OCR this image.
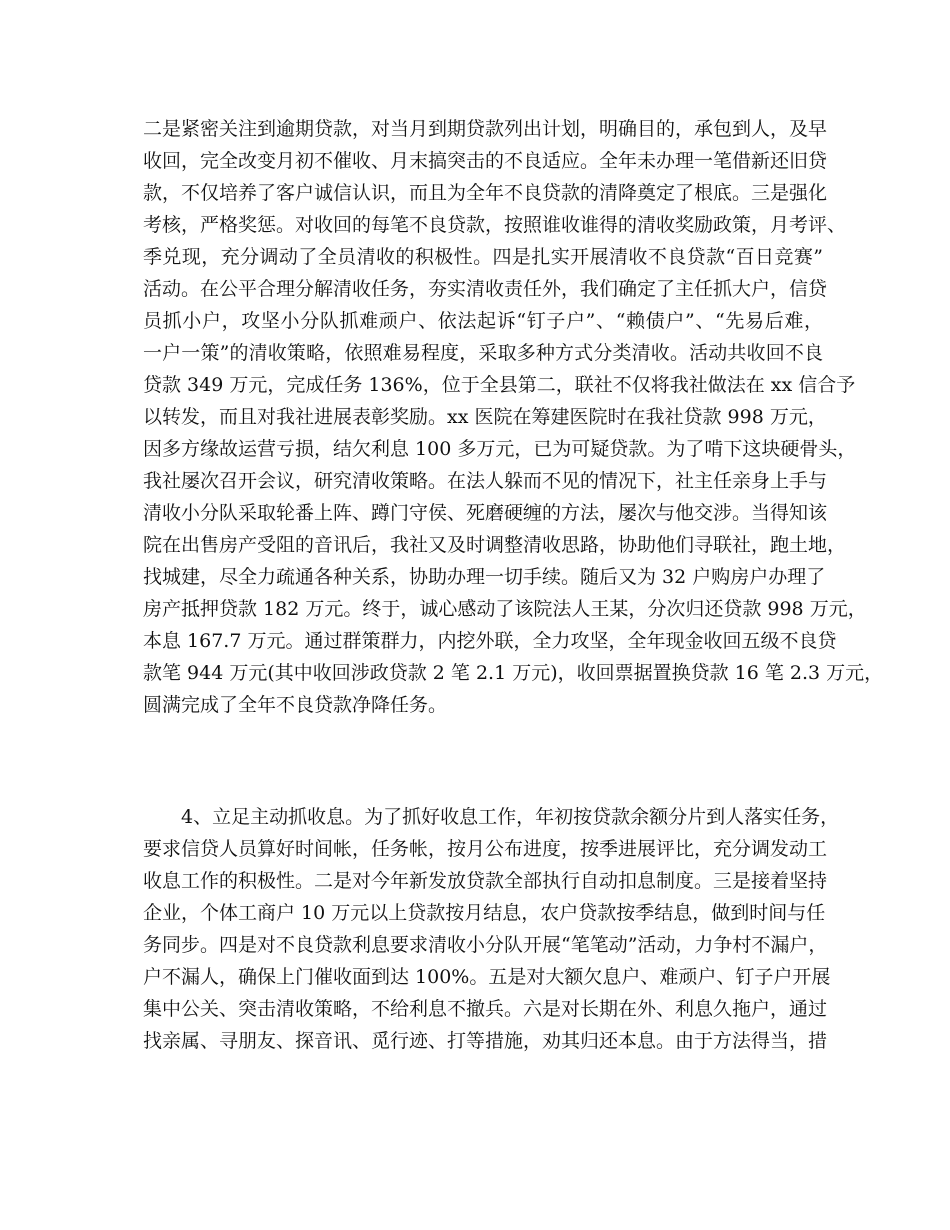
二是紧密关注到逾期贷款，对当月到期贷款列出计划，明确目的，承包到人，及早
收回，完全改变月初不催收、月末搞突击的不良适应。全年未办理一笔借新还旧贷
款，不仅培养了客户诚信认识，而且为全年不良贷款的清降奠定了根底。三是强化
考核，严格奖惩。对收回的每笔不良贷款，按照谁收谁得的清收奖励政策，月考评、
季兑现，充分调动了全员清收的积极性。四是扎实开展清收不良贷款“百日竞赛”
活动。在公平合理分解清收任务，夯实清收责任外，我们确定了主任抓大户，信贷
员抓小户，攻坚小分队抓难顽户、依法起诉“钉子户”、“赖债户”、“先易后难，
一户一策”的清收策略，依照难易程度，采取多种方式分类清收。活动共收回不良
贷款 349 万元，完成任务 136%，位于全县第二，联社不仅将我社做法在 xx 信合予
以转发，而且对我社进展表彰奖励。xx 医院在筹建医院时在我社贷款 998 万元，
因多方缘故运营亏损，结欠利息 100 多万元，已为可疑贷款。为了啃下这块硬骨头，
我社屡次召开会议，研究清收策略。在法人躲而不见的情况下，社主任亲身上手与
清收小分队采取轮番上阵、蹲门守侯、死磨硬缠的方法，屡次与他交涉。当得知该
院在出售房产受阻的音讯后，我社又及时调整清收思路，协助他们寻联社，跑土地，
找城建，尽全力疏通各种关系，协助办理一切手续。随后又为 32 户购房户办理了
房产抵押贷款 182 万元。终于，诚心感动了该院法人王某，分次归还贷款 998 万元，
本息 167.7 万元。通过群策群力，内挖外联，全力攻坚，全年现金收回五级不良贷
款笔 944 万元(其中收回涉政贷款 2 笔 2.1 万元)，收回票据置换贷款 16 笔 2.3 万元，
圆满完成了全年不良贷款净降任务。
　　4、立足主动抓收息。为了抓好收息工作，年初按贷款余额分片到人落实任务，
要求信贷人员算好时间帐，任务帐，按月公布进度，按季进展评比，充分调发动工
收息工作的积极性。二是对今年新发放贷款全部执行自动扣息制度。三是接着坚持
企业，个体工商户 10 万元以上贷款按月结息，农户贷款按季结息，做到时间与任
务同步。四是对不良贷款利息要求清收小分队开展“笔笔动”活动，力争村不漏户，
户不漏人，确保上门催收面到达 100%。五是对大额欠息户、难顽户、钉子户开展
集中公关、突击清收策略，不给利息不撤兵。六是对长期在外、利息久拖户，通过
找亲属、寻朋友、探音讯、觅行迹、打等措施，劝其归还本息。由于方法得当，措
